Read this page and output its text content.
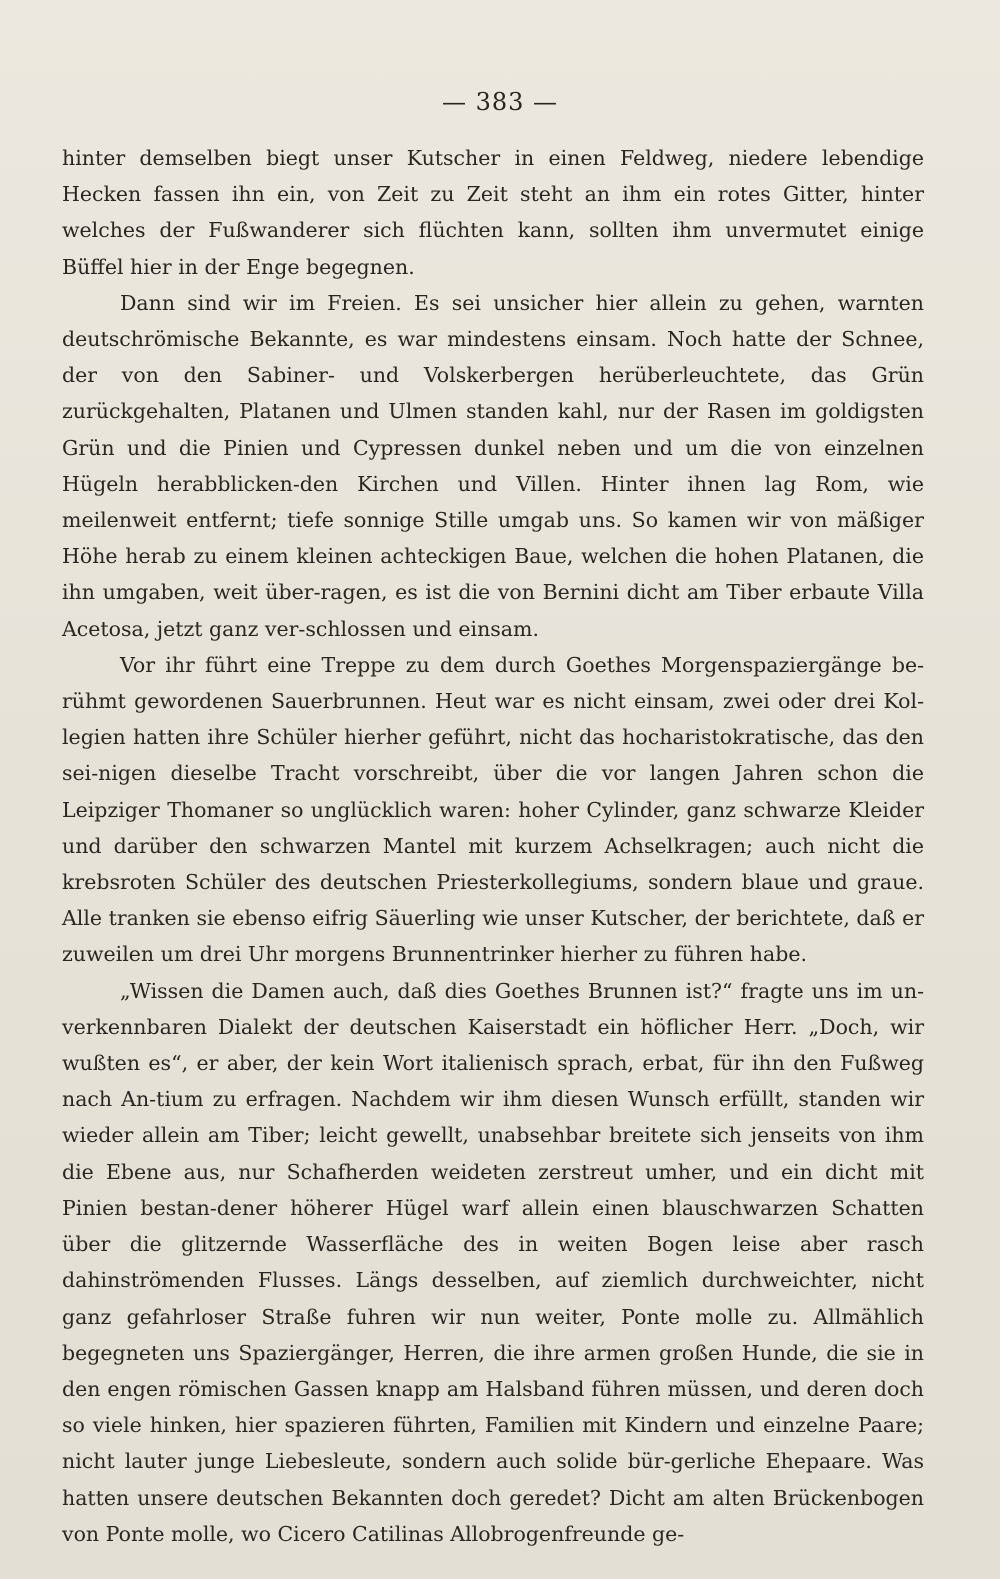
— 383 —

hinter demselben biegt unser Kutscher in einen Feldweg, niedere lebendige Hecken fassen ihn ein, von Zeit zu Zeit steht an ihm ein rotes Gitter, hinter welches der Fußwanderer sich flüchten kann, sollten ihm unvermutet einige Büffel hier in der Enge begegnen.

Dann sind wir im Freien. Es sei unsicher hier allein zu gehen, warnten deutschrömische Bekannte, es war mindestens einsam. Noch hatte der Schnee, der von den Sabiner- und Volskerbergen herüberleuchtete, das Grün zurückgehalten, Platanen und Ulmen standen kahl, nur der Rasen im goldigsten Grün und die Pinien und Cypressen dunkel neben und um die von einzelnen Hügeln herabblicken-den Kirchen und Villen. Hinter ihnen lag Rom, wie meilenweit entfernt; tiefe sonnige Stille umgab uns. So kamen wir von mäßiger Höhe herab zu einem kleinen achteckigen Baue, welchen die hohen Platanen, die ihn umgaben, weit über-ragen, es ist die von Bernini dicht am Tiber erbaute Villa Acetosa, jetzt ganz ver-schlossen und einsam.

Vor ihr führt eine Treppe zu dem durch Goethes Morgenspaziergänge be-rühmt gewordenen Sauerbrunnen. Heut war es nicht einsam, zwei oder drei Kol-legien hatten ihre Schüler hierher geführt, nicht das hocharistokratische, das den sei-nigen dieselbe Tracht vorschreibt, über die vor langen Jahren schon die Leipziger Thomaner so unglücklich waren: hoher Cylinder, ganz schwarze Kleider und darüber den schwarzen Mantel mit kurzem Achselkragen; auch nicht die krebsroten Schüler des deutschen Priesterkollegiums, sondern blaue und graue. Alle tranken sie ebenso eifrig Säuerling wie unser Kutscher, der berichtete, daß er zuweilen um drei Uhr morgens Brunnentrinker hierher zu führen habe.

„Wissen die Damen auch, daß dies Goethes Brunnen ist?“ fragte uns im un-verkennbaren Dialekt der deutschen Kaiserstadt ein höflicher Herr. „Doch, wir wußten es“, er aber, der kein Wort italienisch sprach, erbat, für ihn den Fußweg nach An-tium zu erfragen. Nachdem wir ihm diesen Wunsch erfüllt, standen wir wieder allein am Tiber; leicht gewellt, unabsehbar breitete sich jenseits von ihm die Ebene aus, nur Schafherden weideten zerstreut umher, und ein dicht mit Pinien bestan-dener höherer Hügel warf allein einen blauschwarzen Schatten über die glitzernde Wasserfläche des in weiten Bogen leise aber rasch dahinströmenden Flusses. Längs desselben, auf ziemlich durchweichter, nicht ganz gefahrloser Straße fuhren wir nun weiter, Ponte molle zu. Allmählich begegneten uns Spaziergänger, Herren, die ihre armen großen Hunde, die sie in den engen römischen Gassen knapp am Halsband führen müssen, und deren doch so viele hinken, hier spazieren führten, Familien mit Kindern und einzelne Paare; nicht lauter junge Liebesleute, sondern auch solide bür-gerliche Ehepaare. Was hatten unsere deutschen Bekannten doch geredet? Dicht am alten Brückenbogen von Ponte molle, wo Cicero Catilinas Allobrogenfreunde ge-
